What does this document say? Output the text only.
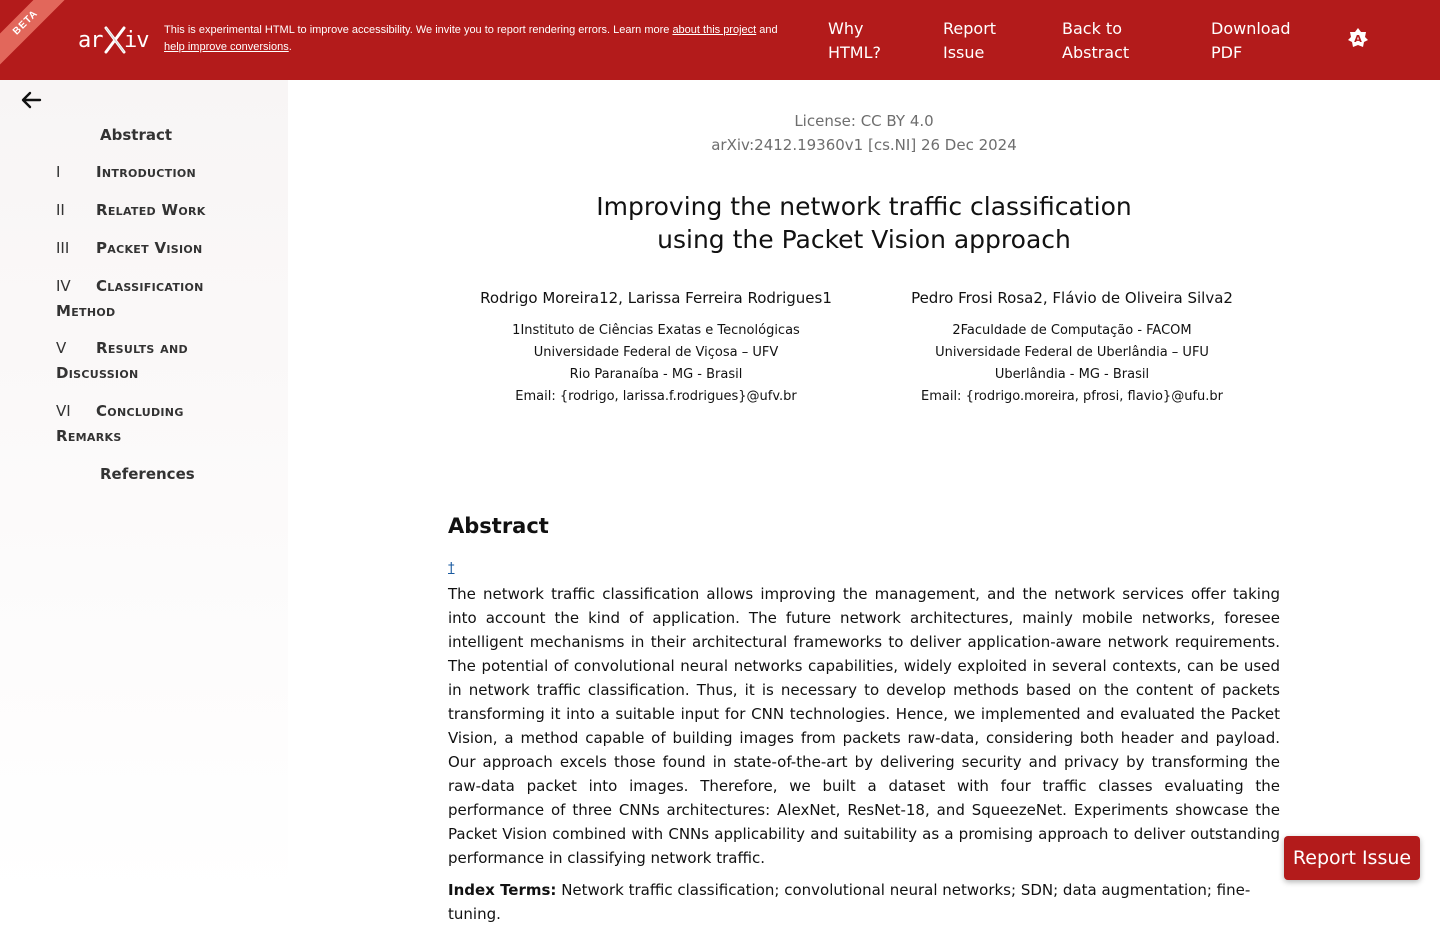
BETA
ar iv This is experimental HTML to improve accessibility. We invite you to report rendering errors. Learn more about this project and
help improve conversions.
Why HTML?
Report Issue
Back to Abstract
Download PDF
A
Abstract
I Introduction
II Related Work
III Packet Vision
IV Classification Method
V Results and Discussion
VI Concluding Remarks
References
License: CC BY 4.0
arXiv:2412.19360v1 [cs.NI] 26 Dec 2024
Improving the network traffic classification
using the Packet Vision approach
Rodrigo Moreira12, Larissa Ferreira Rodrigues1
1Instituto de Ciências Exatas e Tecnológicas
Universidade Federal de Viçosa – UFV
Rio Paranaíba - MG - Brasil
Email: {rodrigo, larissa.f.rodrigues}@ufv.br
Pedro Frosi Rosa2, Flávio de Oliveira Silva2
2Faculdade de Computação - FACOM
Universidade Federal de Uberlândia – UFU
Uberlândia - MG - Brasil
Email: {rodrigo.moreira, pfrosi, flavio}@ufu.br
Abstract
†

The network traffic classification allows improving the management, and the network services offer taking into account the kind of application. The future network architectures, mainly mobile networks, foresee intelligent mechanisms in their architectural frameworks to deliver application-aware network requirements. The potential of convolutional neural networks capabilities, widely exploited in several contexts, can be used in network traffic classification. Thus, it is necessary to develop methods based on the content of packets transforming it into a suitable input for CNN technologies. Hence, we implemented and evaluated the Packet Vision, a method capable of building images from packets raw-data, considering both header and payload. Our approach excels those found in state-of-the-art by delivering security and privacy by transforming the raw-data packet into images. Therefore, we built a dataset with four traffic classes evaluating the performance of three CNNs architectures: AlexNet, ResNet-18, and SqueezeNet. Experiments showcase the Packet Vision combined with CNNs applicability and suitability as a promising approach to deliver outstanding performance in classifying network traffic.

Index Terms: Network traffic classification; convolutional neural networks; SDN; data augmentation; fine-tuning.
Report Issue
